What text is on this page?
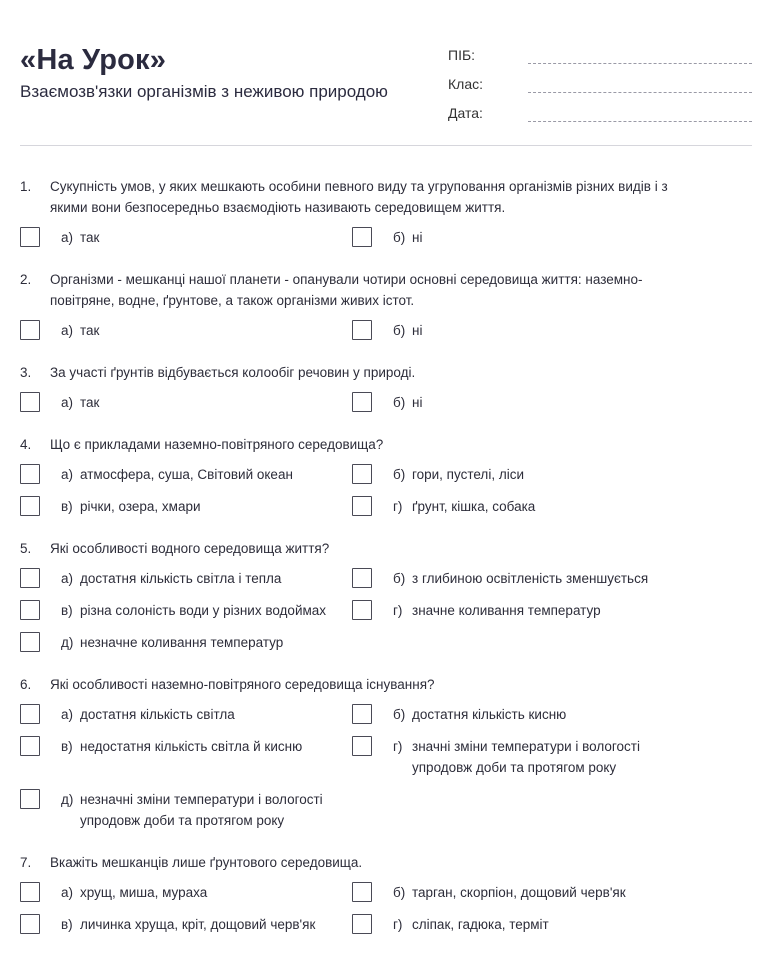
«На Урок»
Взаємозв'язки організмів з неживою природою
ПІБ:
Клас:
Дата:
1.	Сукупність умов, у яких мешкають особини певного виду та угруповання організмів різних видів і з якими вони безпосередньо взаємодіють називають середовищем життя.
а) так	б) ні
2.	Організми - мешканці нашої планети - опанували чотири основні середовища життя: наземно-повітряне, водне, ґрунтове, а також організми живих істот.
а) так	б) ні
3.	За участі ґрунтів відбувається колообіг речовин у природі.
а) так	б) ні
4.	Що є прикладами наземно-повітряного середовища?
а) атмосфера, суша, Світовий океан	б) гори, пустелі, ліси
в) річки, озера, хмари	г) ґрунт, кішка, собака
5.	Які особливості водного середовища життя?
а) достатня кількість світла і тепла	б) з глибиною освітленість зменшується
в) різна солоність води у різних водоймах	г) значне коливання температур
д) незначне коливання температур
6.	Які особливості наземно-повітряного середовища існування?
а) достатня кількість світла	б) достатня кількість кисню
в) недостатня кількість світла й кисню	г) значні зміни температури і вологості упродовж доби та протягом року
д) незначні зміни температури і вологості упродовж доби та протягом року
7.	Вкажіть мешканців лише ґрунтового середовища.
а) хрущ, миша, мураха	б) тарган, скорпіон, дощовий черв'як
в) личинка хруща, кріт, дощовий черв'як	г) сліпак, гадюка, терміт
